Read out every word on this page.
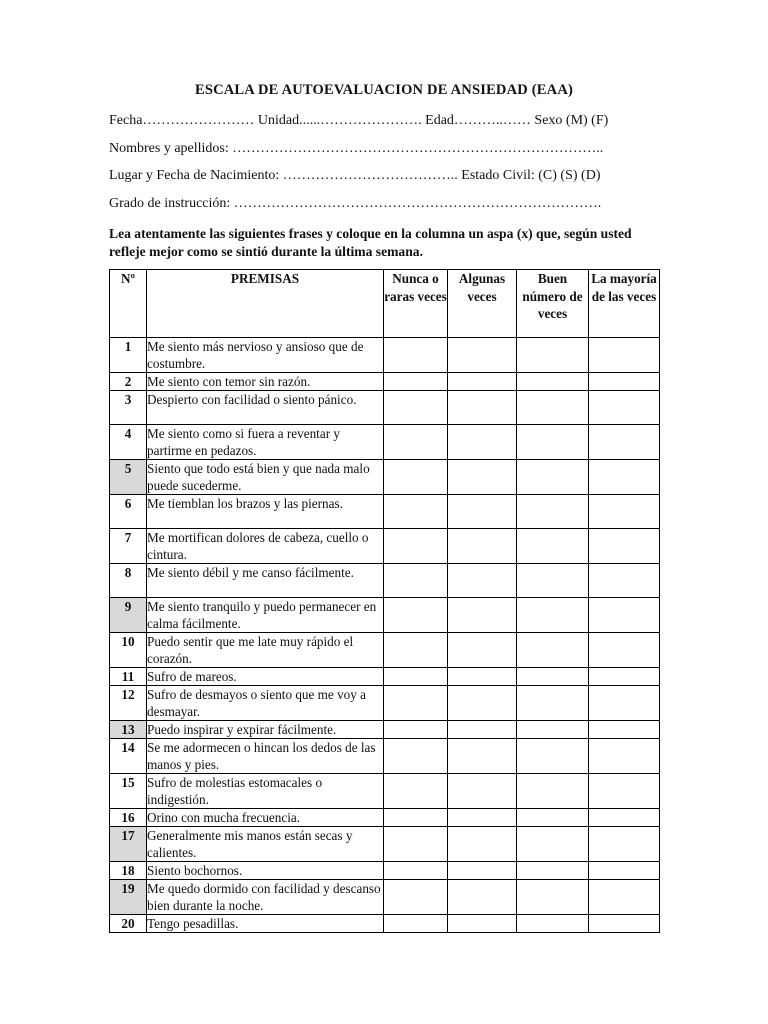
ESCALA DE AUTOEVALUACION DE ANSIEDAD (EAA)
Fecha…………………… Unidad......…………………. Edad………..…… Sexo (M) (F)
Nombres y apellidos: ……………………………………………………………………..
Lugar y Fecha de Nacimiento: ……………………………….. Estado Civil: (C) (S) (D)
Grado de instrucción: …………………………………………………………………….
Lea atentamente las siguientes frases y coloque en la columna un aspa (x) que, según usted refleje mejor como se sintió durante la última semana.
Nº	PREMISAS	Nunca o raras veces	Algunas veces	Buen número de veces	La mayoría de las veces
1	Me siento más nervioso y ansioso que de costumbre.				
2	Me siento con temor sin razón.				
3	Despierto con facilidad o siento pánico.				
4	Me siento como si fuera a reventar y partirme en pedazos.				
5	Siento que todo está bien y que nada malo puede sucederme.				
6	Me tiemblan los brazos y las piernas.				
7	Me mortifican dolores de cabeza, cuello o cintura.				
8	Me siento débil y me canso fácilmente.				
9	Me siento tranquilo y puedo permanecer en calma fácilmente.				
10	Puedo sentir que me late muy rápido el corazón.				
11	Sufro de mareos.				
12	Sufro de desmayos o siento que me voy a desmayar.				
13	Puedo inspirar y expirar fácilmente.				
14	Se me adormecen o hincan los dedos de las manos y pies.				
15	Sufro de molestias estomacales o indigestión.				
16	Orino con mucha frecuencia.				
17	Generalmente mis manos están secas y calientes.				
18	Siento bochornos.				
19	Me quedo dormido con facilidad y descanso bien durante la noche.				
20	Tengo pesadillas.				
